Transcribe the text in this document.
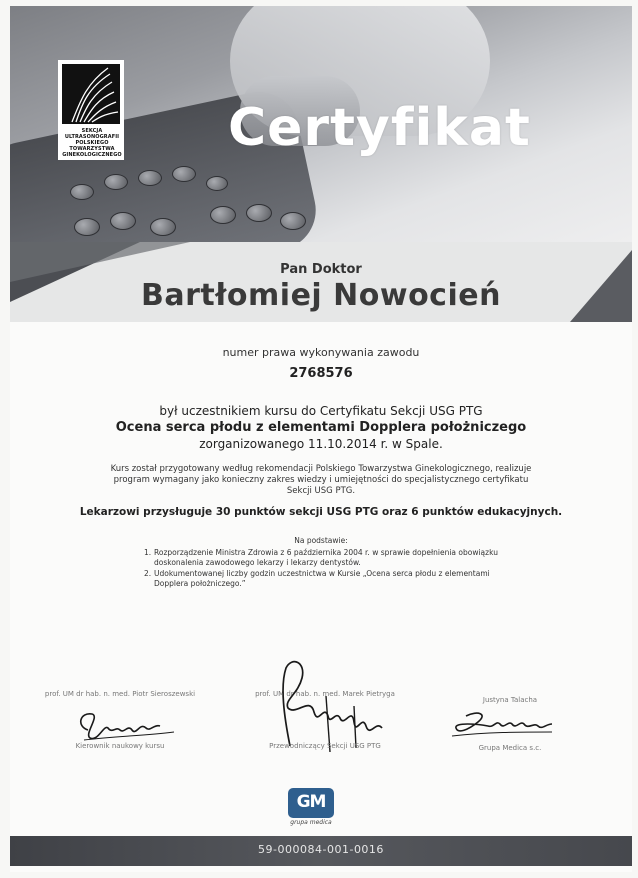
SEKCJA ULTRASONOGRAFII POLSKIEGO TOWARZYSTWA GINEKOLOGICZNEGO Certyfikat
Pan Doktor
Bartłomiej Nowocień
numer prawa wykonywania zawodu
2768576
był uczestnikiem kursu do Certyfikatu Sekcji USG PTG
Ocena serca płodu z elementami Dopplera położniczego
zorganizowanego 11.10.2014 r. w Spale.
Kurs został przygotowany według rekomendacji Polskiego Towarzystwa Ginekologicznego, realizuje program wymagany jako konieczny zakres wiedzy i umiejętności do specjalistycznego certyfikatu Sekcji USG PTG.
Lekarzowi przysługuje 30 punktów sekcji USG PTG oraz 6 punktów edukacyjnych.
Na podstawie:
1. Rozporządzenie Ministra Zdrowia z 6 października 2004 r. w sprawie dopełnienia obowiązku doskonalenia zawodowego lekarzy i lekarzy dentystów.
2. Udokumentowanej liczby godzin uczestnictwa w Kursie „Ocena serca płodu z elementami Dopplera położniczego.”
prof. UM dr hab. n. med. Piotr Sieroszewski	prof. UM dr hab. n. med. Marek Pietryga
Justyna Talacha
Kierownik naukowy kursu	Przewodniczący Sekcji USG PTG	Grupa Medica s.c.
GM
grupa medica
59-000084-001-0016
